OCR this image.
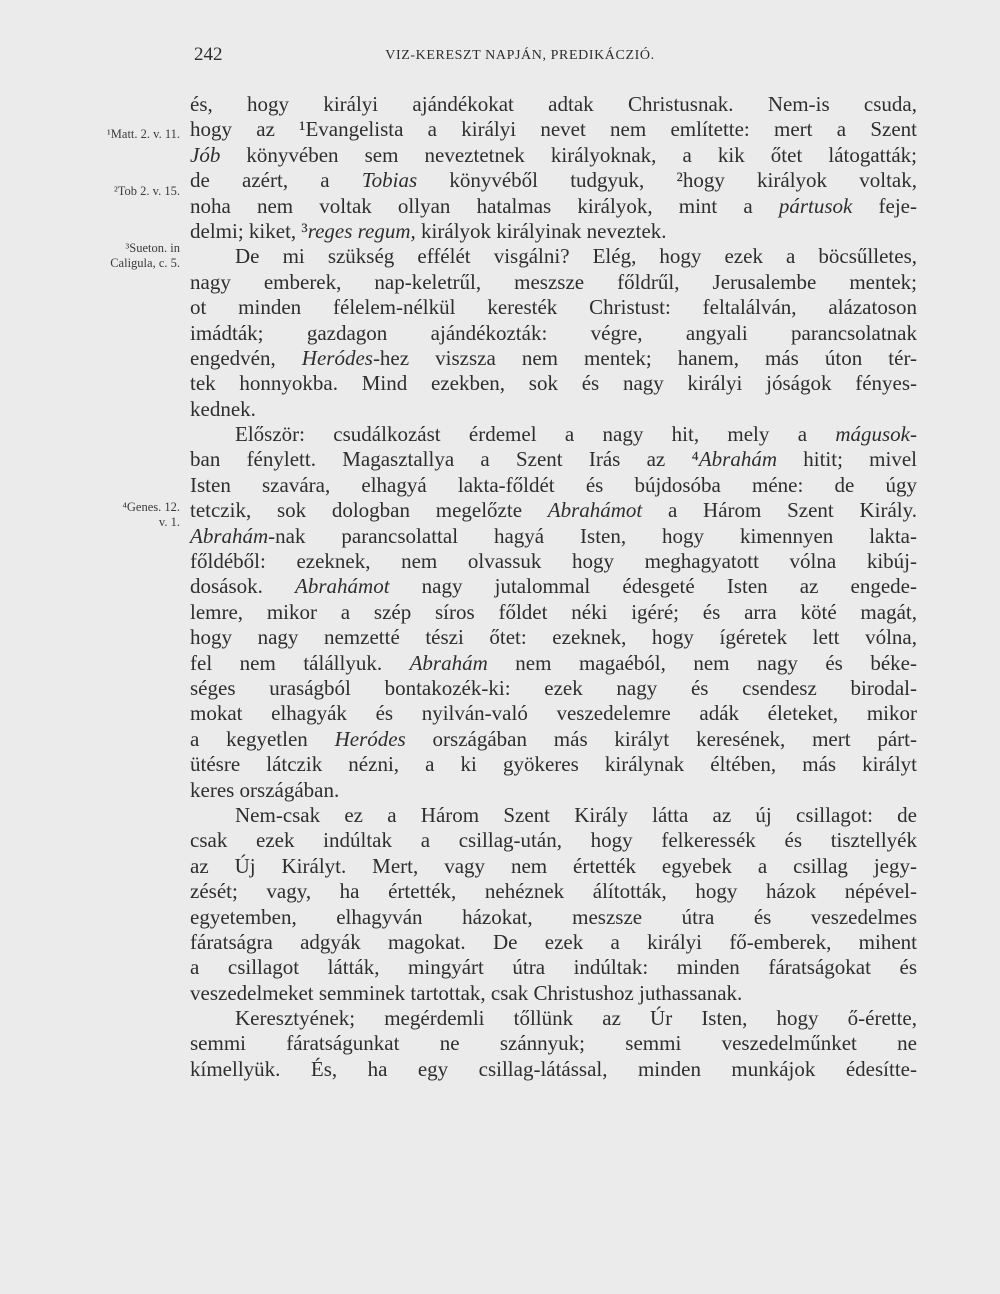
242	VIZ-KERESZT NAPJÁN, PREDIKÁCZIÓ.
¹Matt. 2. v. 11.
²Tob 2. v. 15.
³Sueton. in
Caligula, c. 5.
⁴Genes. 12.
v. 1.
és, hogy királyi ajándékokat adtak Christusnak. Nem-is csuda,
hogy az ¹Evangelista a királyi nevet nem említette: mert a Szent
Jób könyvében sem neveztetnek királyoknak, a kik őtet látogatták;
de azért, a Tobias könyvéből tudgyuk, ²hogy királyok voltak,
noha nem voltak ollyan hatalmas királyok, mint a pártusok feje-
delmi; kiket, ³reges regum, királyok királyinak neveztek.
De mi szükség effélét visgálni? Elég, hogy ezek a böcsűlletes,
nagy emberek, nap-keletrűl, meszsze főldrűl, Jerusalembe mentek;
ot minden félelem-nélkül keresték Christust: feltalálván, alázatoson
imádták; gazdagon ajándékozták: végre, angyali parancsolatnak
engedvén, Heródes-hez viszsza nem mentek; hanem, más úton tér-
tek honnyokba. Mind ezekben, sok és nagy királyi jóságok fényes-
kednek.
Először: csudálkozást érdemel a nagy hit, mely a mágusok-
ban fénylett. Magasztallya a Szent Irás az ⁴Abrahám hitit; mivel
Isten szavára, elhagyá lakta-főldét és bújdosóba méne: de úgy
tetczik, sok dologban megelőzte Abrahámot a Három Szent Király.
Abrahám-nak parancsolattal hagyá Isten, hogy kimennyen lakta-
főldéből: ezeknek, nem olvassuk hogy meghagyatott vólna kibúj-
dosások. Abrahámot nagy jutalommal édesgeté Isten az engede-
lemre, mikor a szép síros főldet néki igéré; és arra köté magát,
hogy nagy nemzetté tészi őtet: ezeknek, hogy ígéretek lett vólna,
fel nem tálállyuk. Abrahám nem magaéból, nem nagy és béke-
séges uraságból bontakozék-ki: ezek nagy és csendesz birodal-
mokat elhagyák és nyilván-való veszedelemre adák életeket, mikor
a kegyetlen Heródes országában más királyt keresének, mert párt-
ütésre látczik nézni, a ki gyökeres királynak éltében, más királyt
keres országában.
Nem-csak ez a Három Szent Király látta az új csillagot: de
csak ezek indúltak a csillag-után, hogy felkeressék és tisztellyék
az Új Királyt. Mert, vagy nem értették egyebek a csillag jegy-
zését; vagy, ha értették, nehéznek álították, hogy házok népével-
egyetemben, elhagyván házokat, meszsze útra és veszedelmes
fáratságra adgyák magokat. De ezek a királyi fő-emberek, mihent
a csillagot látták, mingyárt útra indúltak: minden fáratságokat és
veszedelmeket semminek tartottak, csak Christushoz juthassanak.
Keresztyének; megérdemli tőllünk az Úr Isten, hogy ő-érette,
semmi fáratságunkat ne szánnyuk; semmi veszedelműnket ne
kímellyük. És, ha egy csillag-látással, minden munkájok édesítte-
